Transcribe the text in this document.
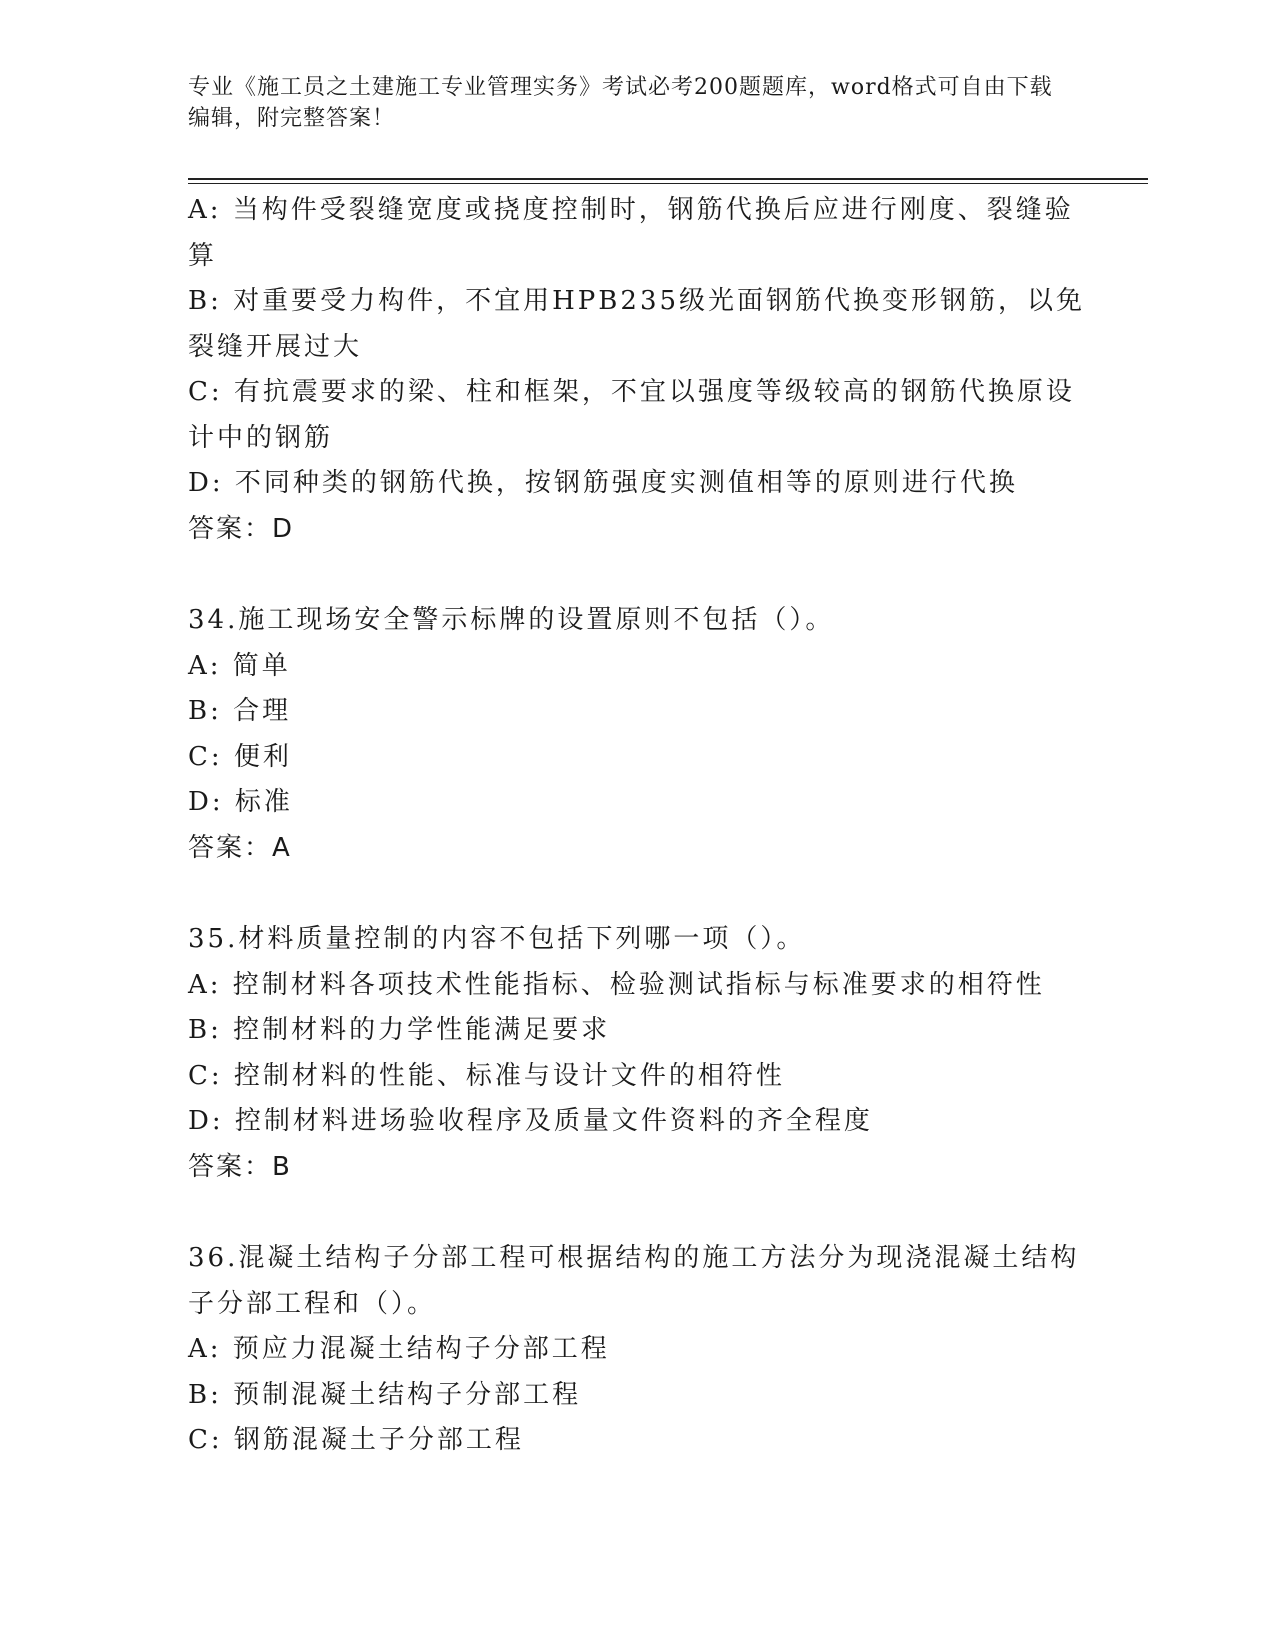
专业《施工员之土建施工专业管理实务》考试必考200题题库，word格式可自由下载编辑，附完整答案！
A: 当构件受裂缝宽度或挠度控制时，钢筋代换后应进行刚度、裂缝验算
B: 对重要受力构件，不宜用HPB235级光面钢筋代换变形钢筋，以免裂缝开展过大
C: 有抗震要求的梁、柱和框架，不宜以强度等级较高的钢筋代换原设计中的钢筋
D: 不同种类的钢筋代换，按钢筋强度实测值相等的原则进行代换
答案：D
34.施工现场安全警示标牌的设置原则不包括（）。
A: 简单
B: 合理
C: 便利
D: 标准
答案：A
35.材料质量控制的内容不包括下列哪一项（）。
A: 控制材料各项技术性能指标、检验测试指标与标准要求的相符性
B: 控制材料的力学性能满足要求
C: 控制材料的性能、标准与设计文件的相符性
D: 控制材料进场验收程序及质量文件资料的齐全程度
答案：B
36.混凝土结构子分部工程可根据结构的施工方法分为现浇混凝土结构子分部工程和（）。
A: 预应力混凝土结构子分部工程
B: 预制混凝土结构子分部工程
C: 钢筋混凝土子分部工程
